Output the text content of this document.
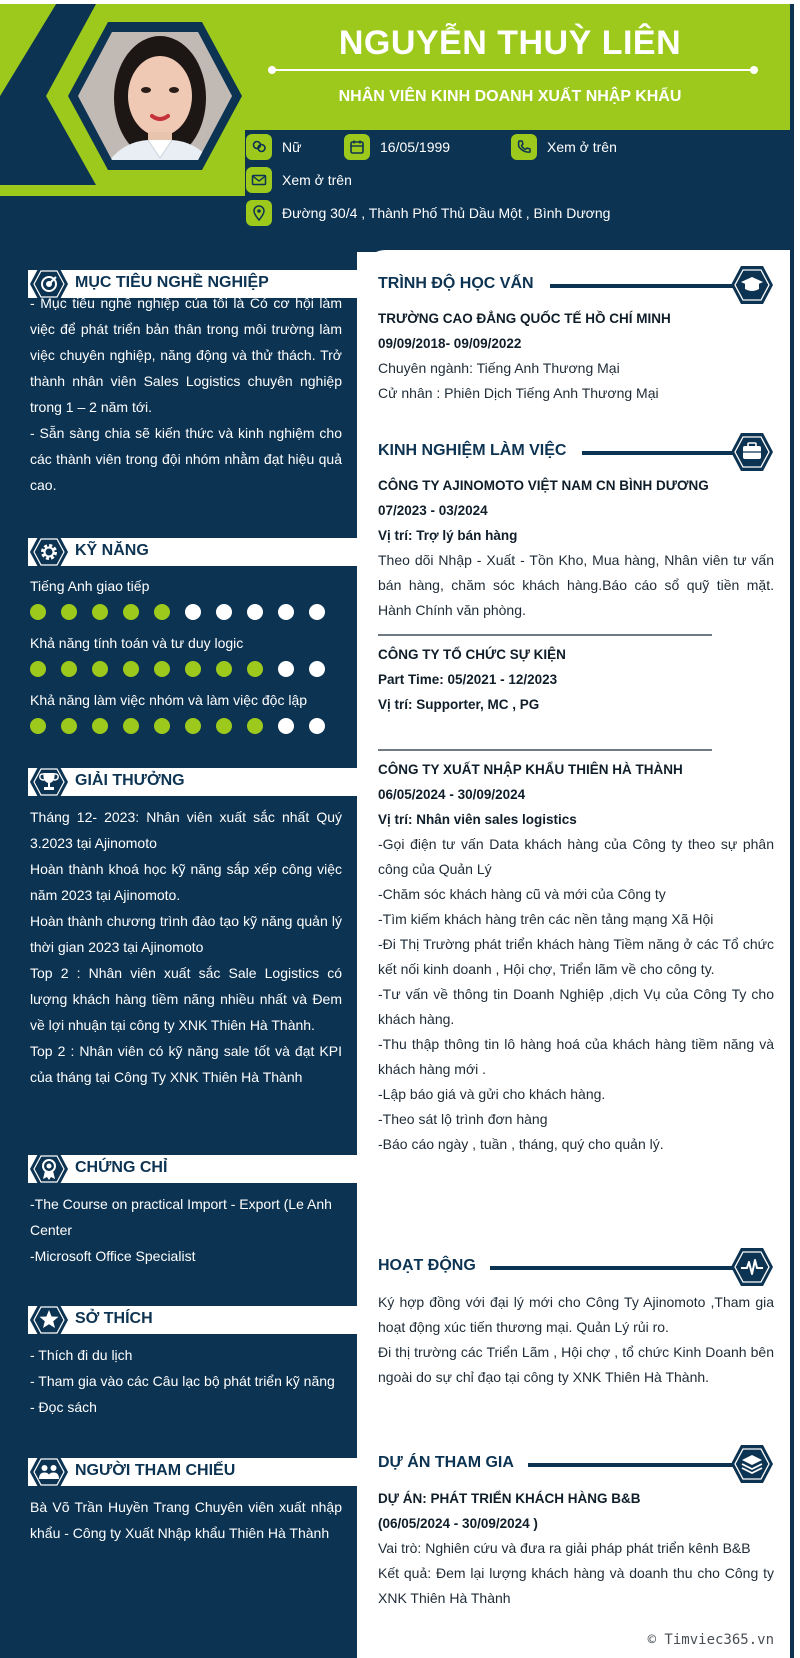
NGUYỄN THUỲ LIÊN
NHÂN VIÊN KINH DOANH XUẤT NHẬP KHẨU
Nữ	16/05/1999	Xem ở trên
Xem ở trên
Đường 30/4 , Thành Phố Thủ Dầu Một , Bình Dương
MỤC TIÊU NGHỀ NGHIỆP

- Mục tiêu nghề nghiệp của tôi là Có cơ hội làm việc để phát triển bản thân trong môi trường làm việc chuyên nghiệp, năng động và thử thách. Trở thành nhân viên Sales Logistics chuyên nghiệp trong 1 – 2 năm tới.

- Sẵn sàng chia sẽ kiến thức và kinh nghiệm cho các thành viên trong đội nhóm nhằm đạt hiệu quả cao.

KỸ NĂNG
Tiếng Anh giao tiếp
Khả năng tính toán và tư duy logic
Khả năng làm việc nhóm và làm việc độc lập
GIẢI THƯỞNG

Tháng 12- 2023: Nhân viên xuất sắc nhất Quý 3.2023 tại Ajinomoto

Hoàn thành khoá học kỹ năng sắp xếp công việc năm 2023 tại Ajinomoto.

Hoàn thành chương trình đào tạo kỹ năng quản lý thời gian 2023 tại Ajinomoto

Top 2 : Nhân viên xuất sắc Sale Logistics có lượng khách hàng tiềm năng nhiều nhất và Đem về lợi nhuận tại công ty XNK Thiên Hà Thành.

Top 2 : Nhân viên có kỹ năng sale tốt và đạt KPI của tháng tại Công Ty XNK Thiên Hà Thành

CHỨNG CHỈ

-The Course on practical Import - Export (Le Anh Center

-Microsoft Office Specialist

SỞ THÍCH

- Thích đi du lịch

- Tham gia vào các Câu lạc bộ phát triển kỹ năng

- Đọc sách

NGƯỜI THAM CHIẾU
Bà Võ Trần Huyền Trang Chuyên viên xuất nhập khẩu - Công ty Xuất Nhập khẩu Thiên Hà Thành
TRÌNH ĐỘ HỌC VẤN

TRƯỜNG CAO ĐẲNG QUỐC TẾ HỒ CHÍ MINH

09/09/2018- 09/09/2022

Chuyên ngành: Tiếng Anh Thương Mại

Cử nhân : Phiên Dịch Tiếng Anh Thương Mại

KINH NGHIỆM LÀM VIỆC

CÔNG TY AJINOMOTO VIỆT NAM CN BÌNH DƯƠNG

07/2023 - 03/2024

Vị trí: Trợ lý bán hàng

Theo dõi Nhập - Xuất - Tồn Kho, Mua hàng, Nhân viên tư vấn bán hàng, chăm sóc khách hàng.Báo cáo sổ quỹ tiền mặt. Hành Chính văn phòng.

CÔNG TY TỔ CHỨC SỰ KIỆN

Part Time: 05/2021 - 12/2023

Vị trí: Supporter, MC , PG

CÔNG TY XUẤT NHẬP KHẨU THIÊN HÀ THÀNH

06/05/2024 - 30/09/2024

Vị trí: Nhân viên sales logistics

-Gọi điện tư vấn Data khách hàng của Công ty theo sự phân công của Quản Lý

-Chăm sóc khách hàng cũ và mới của Công ty

-Tìm kiếm khách hàng trên các nền tảng mạng Xã Hội

-Đi Thị Trường phát triển khách hàng Tiềm năng ở các Tổ chức kết nối kinh doanh , Hội chợ, Triển lãm về cho công ty.

-Tư vấn về thông tin Doanh Nghiệp ,dịch Vụ của Công Ty cho khách hàng.

-Thu thập thông tin lô hàng hoá của khách hàng tiềm năng và khách hàng mới .

-Lập báo giá và gửi cho khách hàng.

-Theo sát lộ trình đơn hàng

-Báo cáo ngày , tuần , tháng, quý cho quản lý.

HOẠT ĐỘNG

Ký hợp đồng với đại lý mới cho Công Ty Ajinomoto ,Tham gia hoạt động xúc tiến thương mại. Quản Lý rủi ro.

Đi thị trường các Triển Lãm , Hội chợ , tổ chức Kinh Doanh bên ngoài do sự chỉ đạo tại công ty XNK Thiên Hà Thành.

DỰ ÁN THAM GIA

DỰ ÁN: PHÁT TRIỂN KHÁCH HÀNG B&B

(06/05/2024 - 30/09/2024 )

Vai trò: Nghiên cứu và đưa ra giải pháp phát triển kênh B&B

Kết quả: Đem lại lượng khách hàng và doanh thu cho Công ty XNK Thiên Hà Thành

© Timviec365.vn
